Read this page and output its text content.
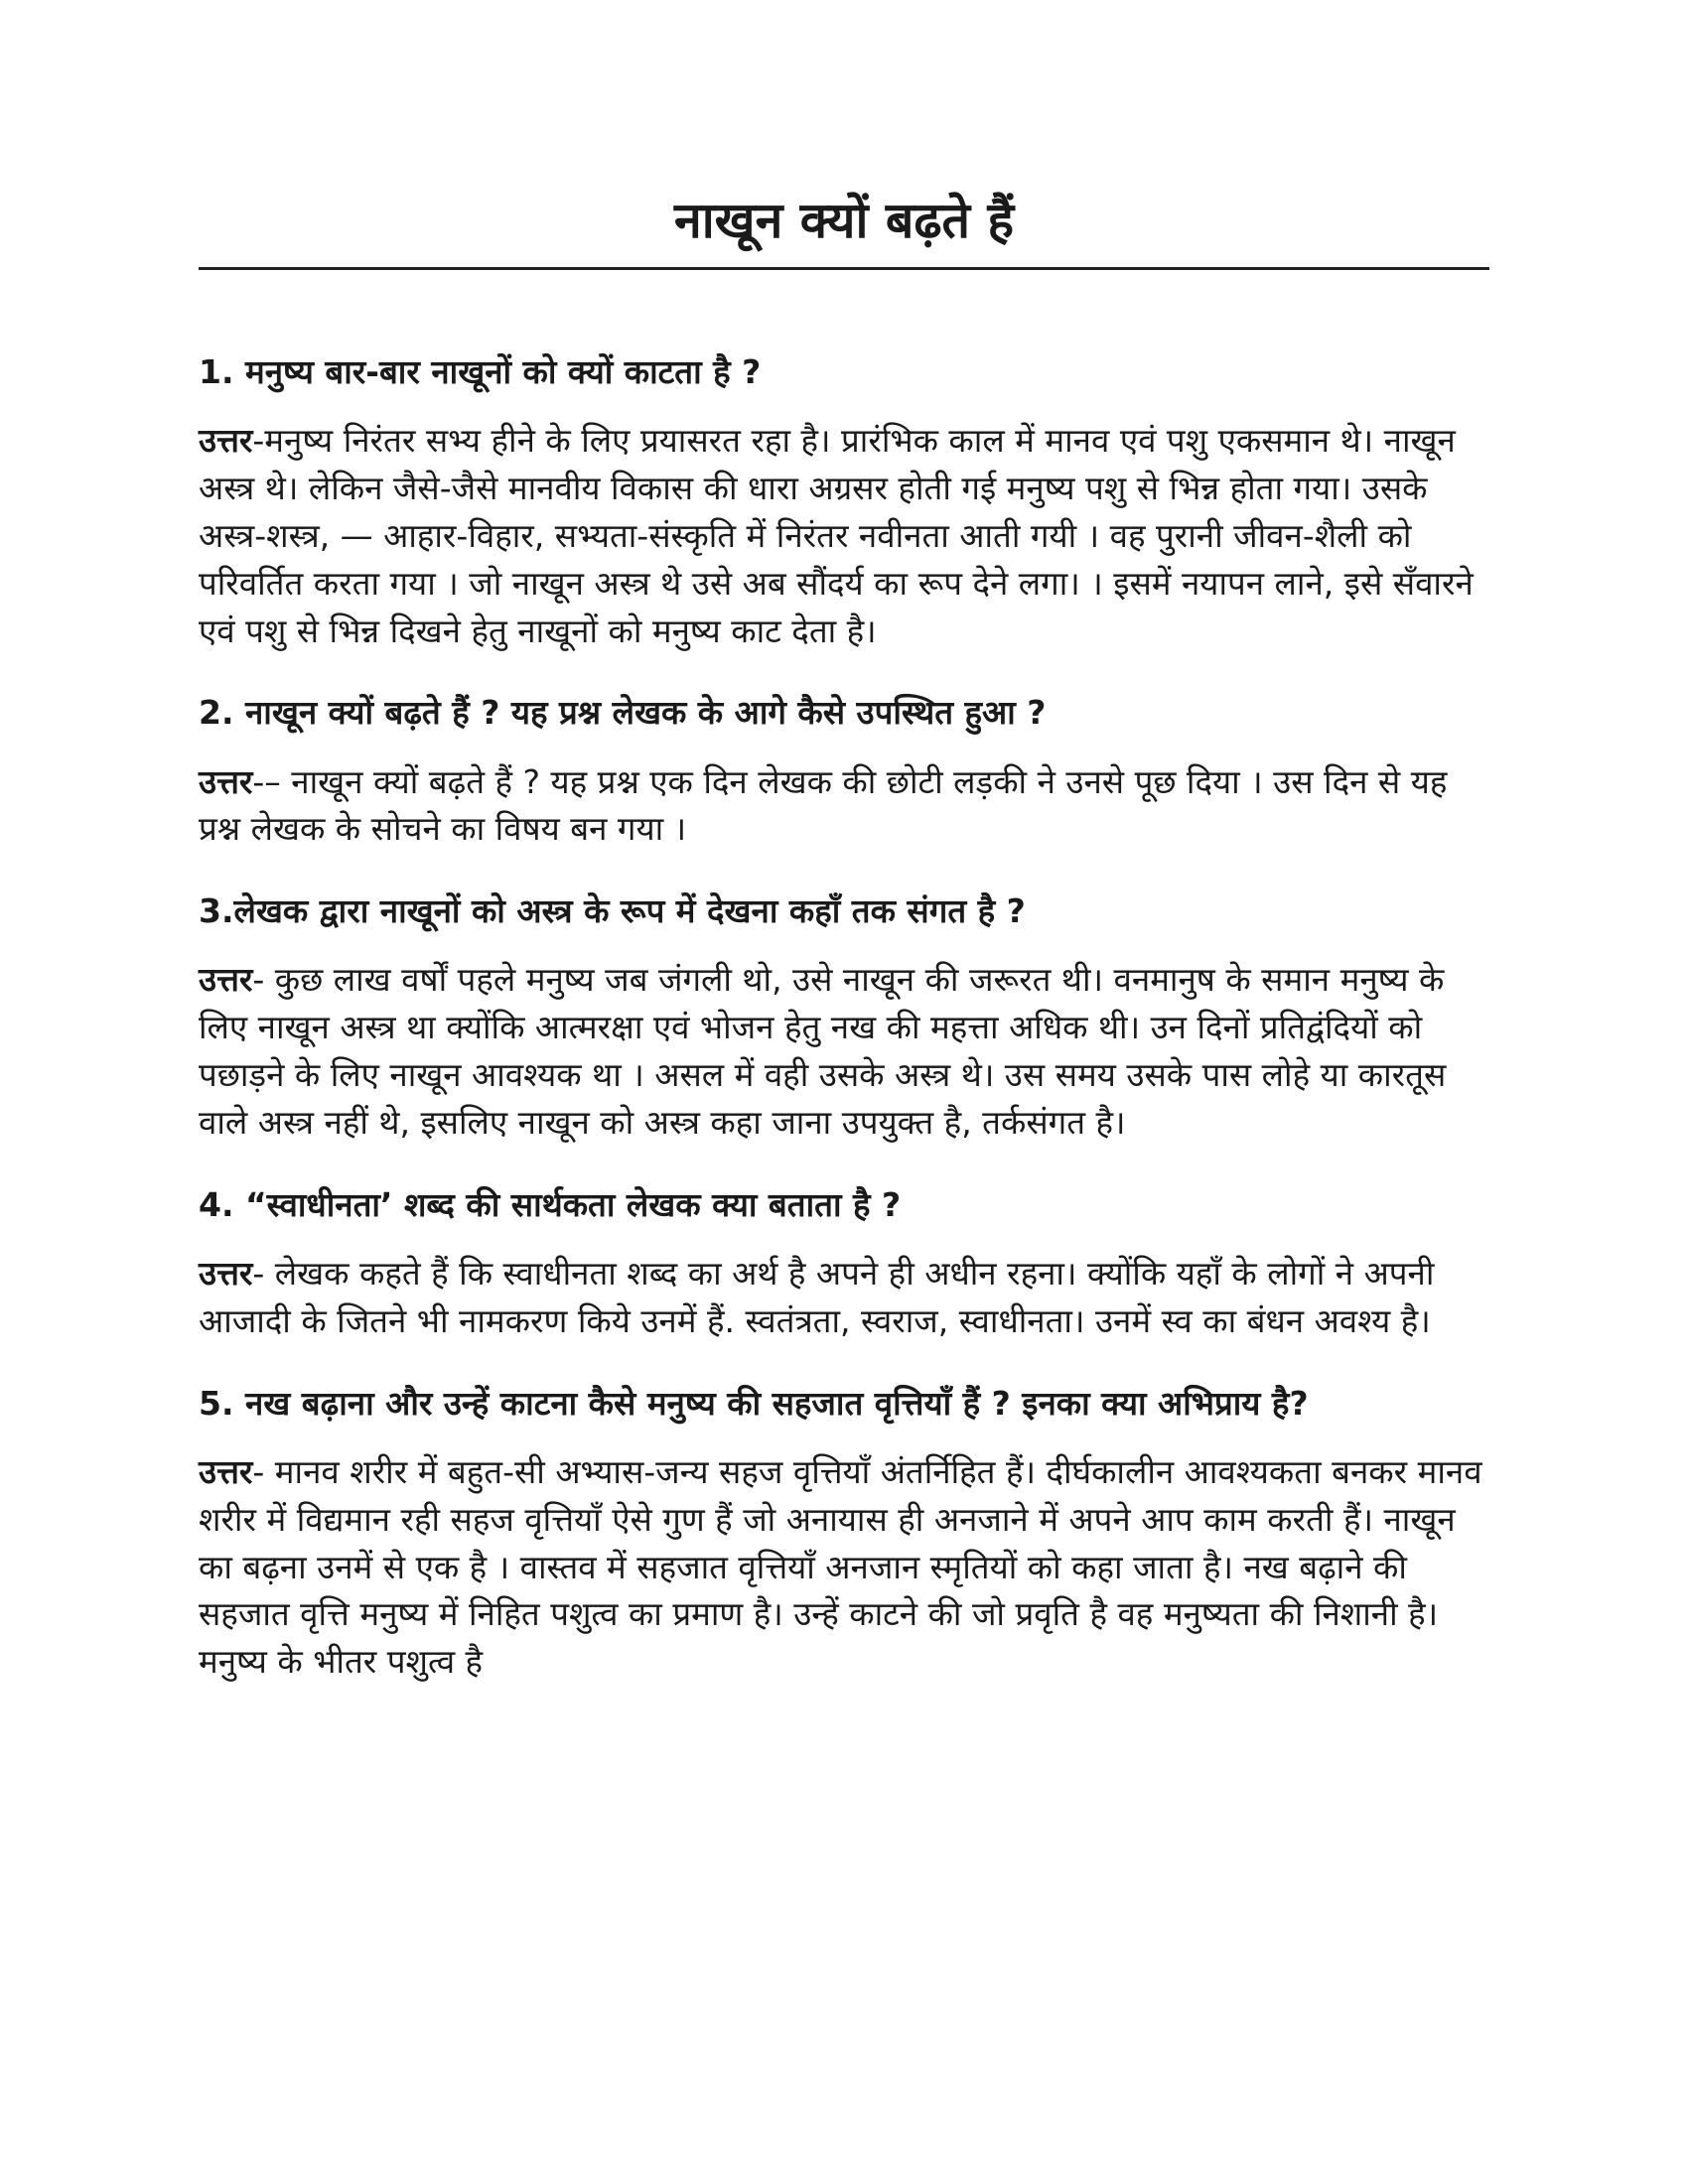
नाखून क्यों बढ़ते हैं

1. मनुष्य बार-बार नाखूनों को क्यों काटता है ?

उत्तर-मनुष्य निरंतर सभ्य हीने के लिए प्रयासरत रहा है। प्रारंभिक काल में मानव एवं पशु एकसमान थे। नाखून अस्त्र थे। लेकिन जैसे-जैसे मानवीय विकास की धारा अग्रसर होती गई मनुष्य पशु से भिन्न होता गया। उसके अस्त्र-शस्त्र, — आहार-विहार, सभ्यता-संस्कृति में निरंतर नवीनता आती गयी । वह पुरानी जीवन-शैली को परिवर्तित करता गया । जो नाखून अस्त्र थे उसे अब सौंदर्य का रूप देने लगा। । इसमें नयापन लाने, इसे सँवारने एवं पशु से भिन्न दिखने हेतु नाखूनों को मनुष्य काट देता है।

2. नाखून क्यों बढ़ते हैं ? यह प्रश्न लेखक के आगे कैसे उपस्थित हुआ ?

उत्तर-– नाखून क्यों बढ़ते हैं ? यह प्रश्न एक दिन लेखक की छोटी लड़की ने उनसे पूछ दिया । उस दिन से यह प्रश्न लेखक के सोचने का विषय बन गया ।

3.लेखक द्वारा नाखूनों को अस्त्र के रूप में देखना कहाँ तक संगत है ?

उत्तर- कुछ लाख वर्षों पहले मनुष्य जब जंगली थो, उसे नाखून की जरूरत थी। वनमानुष के समान मनुष्य के लिए नाखून अस्त्र था क्योंकि आत्मरक्षा एवं भोजन हेतु नख की महत्ता अधिक थी। उन दिनों प्रतिद्वंदियों को पछाड़ने के लिए नाखून आवश्यक था । असल में वही उसके अस्त्र थे। उस समय उसके पास लोहे या कारतूस वाले अस्त्र नहीं थे, इसलिए नाखून को अस्त्र कहा जाना उपयुक्त है, तर्कसंगत है।

4. “स्वाधीनता’ शब्द की सार्थकता लेखक क्या बताता है ?

उत्तर- लेखक कहते हैं कि स्वाधीनता शब्द का अर्थ है अपने ही अधीन रहना। क्योंकि यहाँ के लोगों ने अपनी आजादी के जितने भी नामकरण किये उनमें हैं. स्वतंत्रता, स्वराज, स्वाधीनता। उनमें स्व का बंधन अवश्य है।

5. नख बढ़ाना और उन्हें काटना कैसे मनुष्य की सहजात वृत्तियाँ हैं ? इनका क्या अभिप्राय है?

उत्तर- मानव शरीर में बहुत-सी अभ्यास-जन्य सहज वृत्तियाँ अंतर्निहित हैं। दीर्घकालीन आवश्यकता बनकर मानव शरीर में विद्यमान रही सहज वृत्तियाँ ऐसे गुण हैं जो अनायास ही अनजाने में अपने आप काम करती हैं। नाखून का बढ़ना उनमें से एक है । वास्तव में सहजात वृत्तियाँ अनजान स्मृतियों को कहा जाता है। नख बढ़ाने की सहजात वृत्ति मनुष्य में निहित पशुत्व का प्रमाण है। उन्हें काटने की जो प्रवृति है वह मनुष्यता की निशानी है। मनुष्य के भीतर पशुत्व है
